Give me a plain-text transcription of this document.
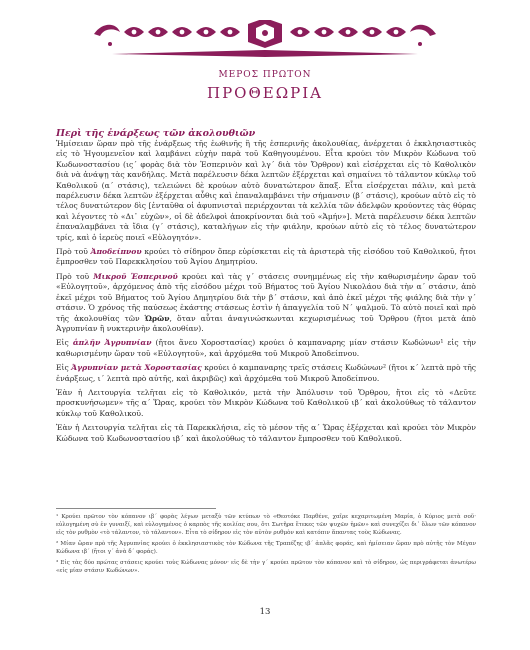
ΜΕΡΟΣ ΠΡΩΤΟΝ
ΠΡΟΘΕΩΡΙΑ
Περὶ τῆς ἐνάρξεως τῶν ἀκολουθιῶν

Ἡμίσειαν ὥραν πρὸ τῆς ἐνάρξεως τῆς ἑωθινῆς ἢ τῆς ἑσπερινῆς ἀκολουθίας, ἀνέρχεται ὁ ἐκκλησιαστικὸς εἰς τὸ Ἡγουμενεῖον καὶ λαμβάνει εὐχὴν παρὰ τοῦ Καθηγουμένου. Εἶτα κρούει τὸν Μικρὸν Κώδωνα τοῦ Κωδωνοστασίου (ις΄ φορὰς διὰ τὸν Ἑσπερινὸν καὶ λγ΄ διὰ τὸν Ὄρθρον) καὶ εἰσέρχεται εἰς τὸ Καθολικὸν διὰ νὰ ἀνάψῃ τὰς κανδήλας. Μετὰ παρέλευσιν δέκα λεπτῶν ἐξέρχεται καὶ σημαίνει τὸ τάλαντον κύκλῳ τοῦ Καθολικοῦ (α΄ στάσις), τελειώνει δὲ κρούων αὐτὸ δυνατώτερον ἅπαξ. Εἶτα εἰσέρχεται πάλιν, καὶ μετὰ παρέλευσιν δέκα λεπτῶν ἐξέρχεται αὖθις καὶ ἐπαναλαμβάνει τὴν σήμανσιν (β΄ στάσις), κρούων αὐτὸ εἰς τὸ τέλος δυνατώτερον δὶς [ἐνταῦθα οἱ ἀφυπνισταὶ περιέρχονται τὰ κελλία τῶν ἀδελφῶν κρούοντες τὰς θύρας καὶ λέγοντες τὸ «Δι᾽ εὐχῶν», οἱ δὲ ἀδελφοὶ ἀποκρίνονται διὰ τοῦ «Ἀμήν»]. Μετὰ παρέλευσιν δέκα λεπτῶν ἐπαναλαμβάνει τὰ ἴδια (γ΄ στάσις), καταλήγων εἰς τὴν φιάλην, κρούων αὐτὸ εἰς τὸ τέλος δυνατώτερον τρίς, καὶ ὁ ἱερεὺς ποιεῖ «Εὐλογητόν».

Πρὸ τοῦ Ἀποδείπνου κρούει τὸ σίδηρον ὅπερ εὑρίσκεται εἰς τὰ ἀριστερὰ τῆς εἰσόδου τοῦ Καθολικοῦ, ἤτοι ἔμπροσθεν τοῦ Παρεκκλησίου τοῦ Ἁγίου Δημητρίου.

Πρὸ τοῦ Μικροῦ Ἑσπερινοῦ κρούει καὶ τὰς γ΄ στάσεις συνημμένως εἰς τὴν καθωρισμένην ὥραν τοῦ «Εὐλογητοῦ», ἀρχόμενος ἀπὸ τῆς εἰσόδου μέχρι τοῦ Βήματος τοῦ Ἁγίου Νικολάου διὰ τὴν α΄ στάσιν, ἀπὸ ἐκεῖ μέχρι τοῦ Βήματος τοῦ Ἁγίου Δημητρίου διὰ τὴν β΄ στάσιν, καὶ ἀπὸ ἐκεῖ μέχρι τῆς φιάλης διὰ τὴν γ΄ στάσιν. Ὁ χρόνος τῆς παύσεως ἑκάστης στάσεως ἐστὶν ἡ ἀπαγγελία τοῦ Ν΄ ψαλμοῦ. Τὸ αὐτὸ ποιεῖ καὶ πρὸ τῆς ἀκολουθίας τῶν Ὡρῶν, ὅταν αὗται ἀναγινώσκωνται κεχωρισμένως τοῦ Ὄρθρου (ἤτοι μετὰ ἀπὸ Ἀγρυπνίαν ἢ νυκτερινὴν ἀκολουθίαν).

Εἰς ἁπλῆν Ἀγρυπνίαν (ἤτοι ἄνευ Χοροστασίας) κρούει ὁ καμπαναρης μίαν στάσιν Κωδώνων¹ εἰς τὴν καθωρισμένην ὥραν τοῦ «Εὐλογητοῦ», καὶ ἀρχόμεθα τοῦ Μικροῦ Ἀποδείπνου.

Εἰς Ἀγρυπνίαν μετὰ Χοροστασίας κρούει ὁ καμπαναρης τρεῖς στάσεις Κωδώνων² (ἤτοι κ΄ λεπτὰ πρὸ τῆς ἐνάρξεως, ι΄ λεπτὰ πρὸ αὐτῆς, καὶ ἀκριβῶς) καὶ ἀρχόμεθα τοῦ Μικροῦ Ἀποδείπνου.

Ἐὰν ἡ Λειτουργία τελῆται εἰς τὸ Καθολικόν, μετὰ τὴν Ἀπόλυσιν τοῦ Ὄρθρου, ἤτοι εἰς τὸ «Δεῦτε προσκυνήσωμεν» τῆς α΄ Ὥρας, κρούει τὸν Μικρὸν Κώδωνα τοῦ Καθολικοῦ ιβ΄ καὶ ἀκολούθως τὸ τάλαντον κύκλῳ τοῦ Καθολικοῦ.

Ἐὰν ἡ Λειτουργία τελῆται εἰς τὰ Παρεκκλήσια, εἰς τὸ μέσον τῆς α΄ Ὥρας ἐξέρχεται καὶ κρούει τὸν Μικρὸν Κώδωνα τοῦ Κωδωνοστασίου ιβ΄ καὶ ἀκολούθως τὸ τάλαντον ἔμπροσθεν τοῦ Καθολικοῦ.

¹ Κρούει πρῶτον τὸν κόπανον ιβ΄ φορὰς λέγων μεταξὺ τῶν κτύπων τὸ «Θεοτόκε Παρθένε, χαῖρε κεχαριτωμένη Μαρία, ὁ Κύριος μετὰ σοῦ· εὐλογημένη σὺ ἐν γυναιξί, καὶ εὐλογημένος ὁ καρπὸς τῆς κοιλίας σου, ὅτι Σωτῆρα ἔτεκες τῶν ψυχῶν ἡμῶν» καὶ συνεχίζει δι᾽ ὅλων τῶν κόπανον εἰς τὸν ρυθμὸν «τὸ τάλαντον, τὸ τάλαντον». Εἶτα τὸ σίδηρον εἰς τὸν αὐτὸν ρυθμὸν καὶ κατόπιν ἅπαντας τοὺς Κώδωνας.

² Μίαν ὥραν πρὸ τῆς Ἀγρυπνίας κρούει ὁ ἐκκλησιαστικὸς τὸν Κώδωνα τῆς Τραπέζης ιβ΄ ἁπλᾶς φοράς, καὶ ἡμίσειαν ὥραν πρὸ αὐτῆς τὸν Μέγαν Κώδωνα ιβ΄ (ἤτοι γ΄ ἀνὰ δ΄ φοράς).

³ Εἰς τὰς δύο πρώτας στάσεις κρούει τοὺς Κώδωνας μόνον· εἰς δὲ τὴν γ΄ κρούει πρῶτον τὸν κόπανον καὶ τὸ σίδηρον, ὡς περιγράφεται ἀνωτέρω «εἰς μίαν στάσιν Κωδώνων».

13
